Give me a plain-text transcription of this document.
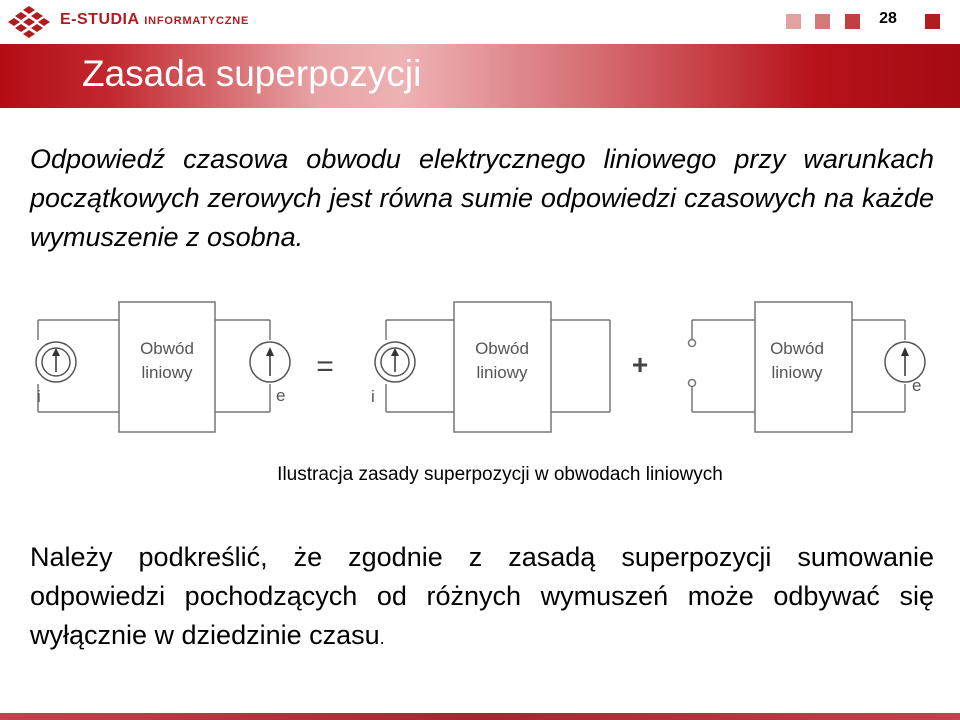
E-STUDIA INFORMATYCZNE	28
Zasada superpozycji
Odpowiedź czasowa obwodu elektrycznego liniowego przy warunkach początkowych zerowych jest równa sumie odpowiedzi czasowych na każde wymuszenie z osobna.
Obwód
liniowy
Obwód
liniowy
Obwód
liniowy
=	+
i	e	i
e
Ilustracja zasady superpozycji w obwodach liniowych
Należy podkreślić, że zgodnie z zasadą superpozycji sumowanie odpowiedzi pochodzących od różnych wymuszeń może odbywać się wyłącznie w dziedzinie czasu.
